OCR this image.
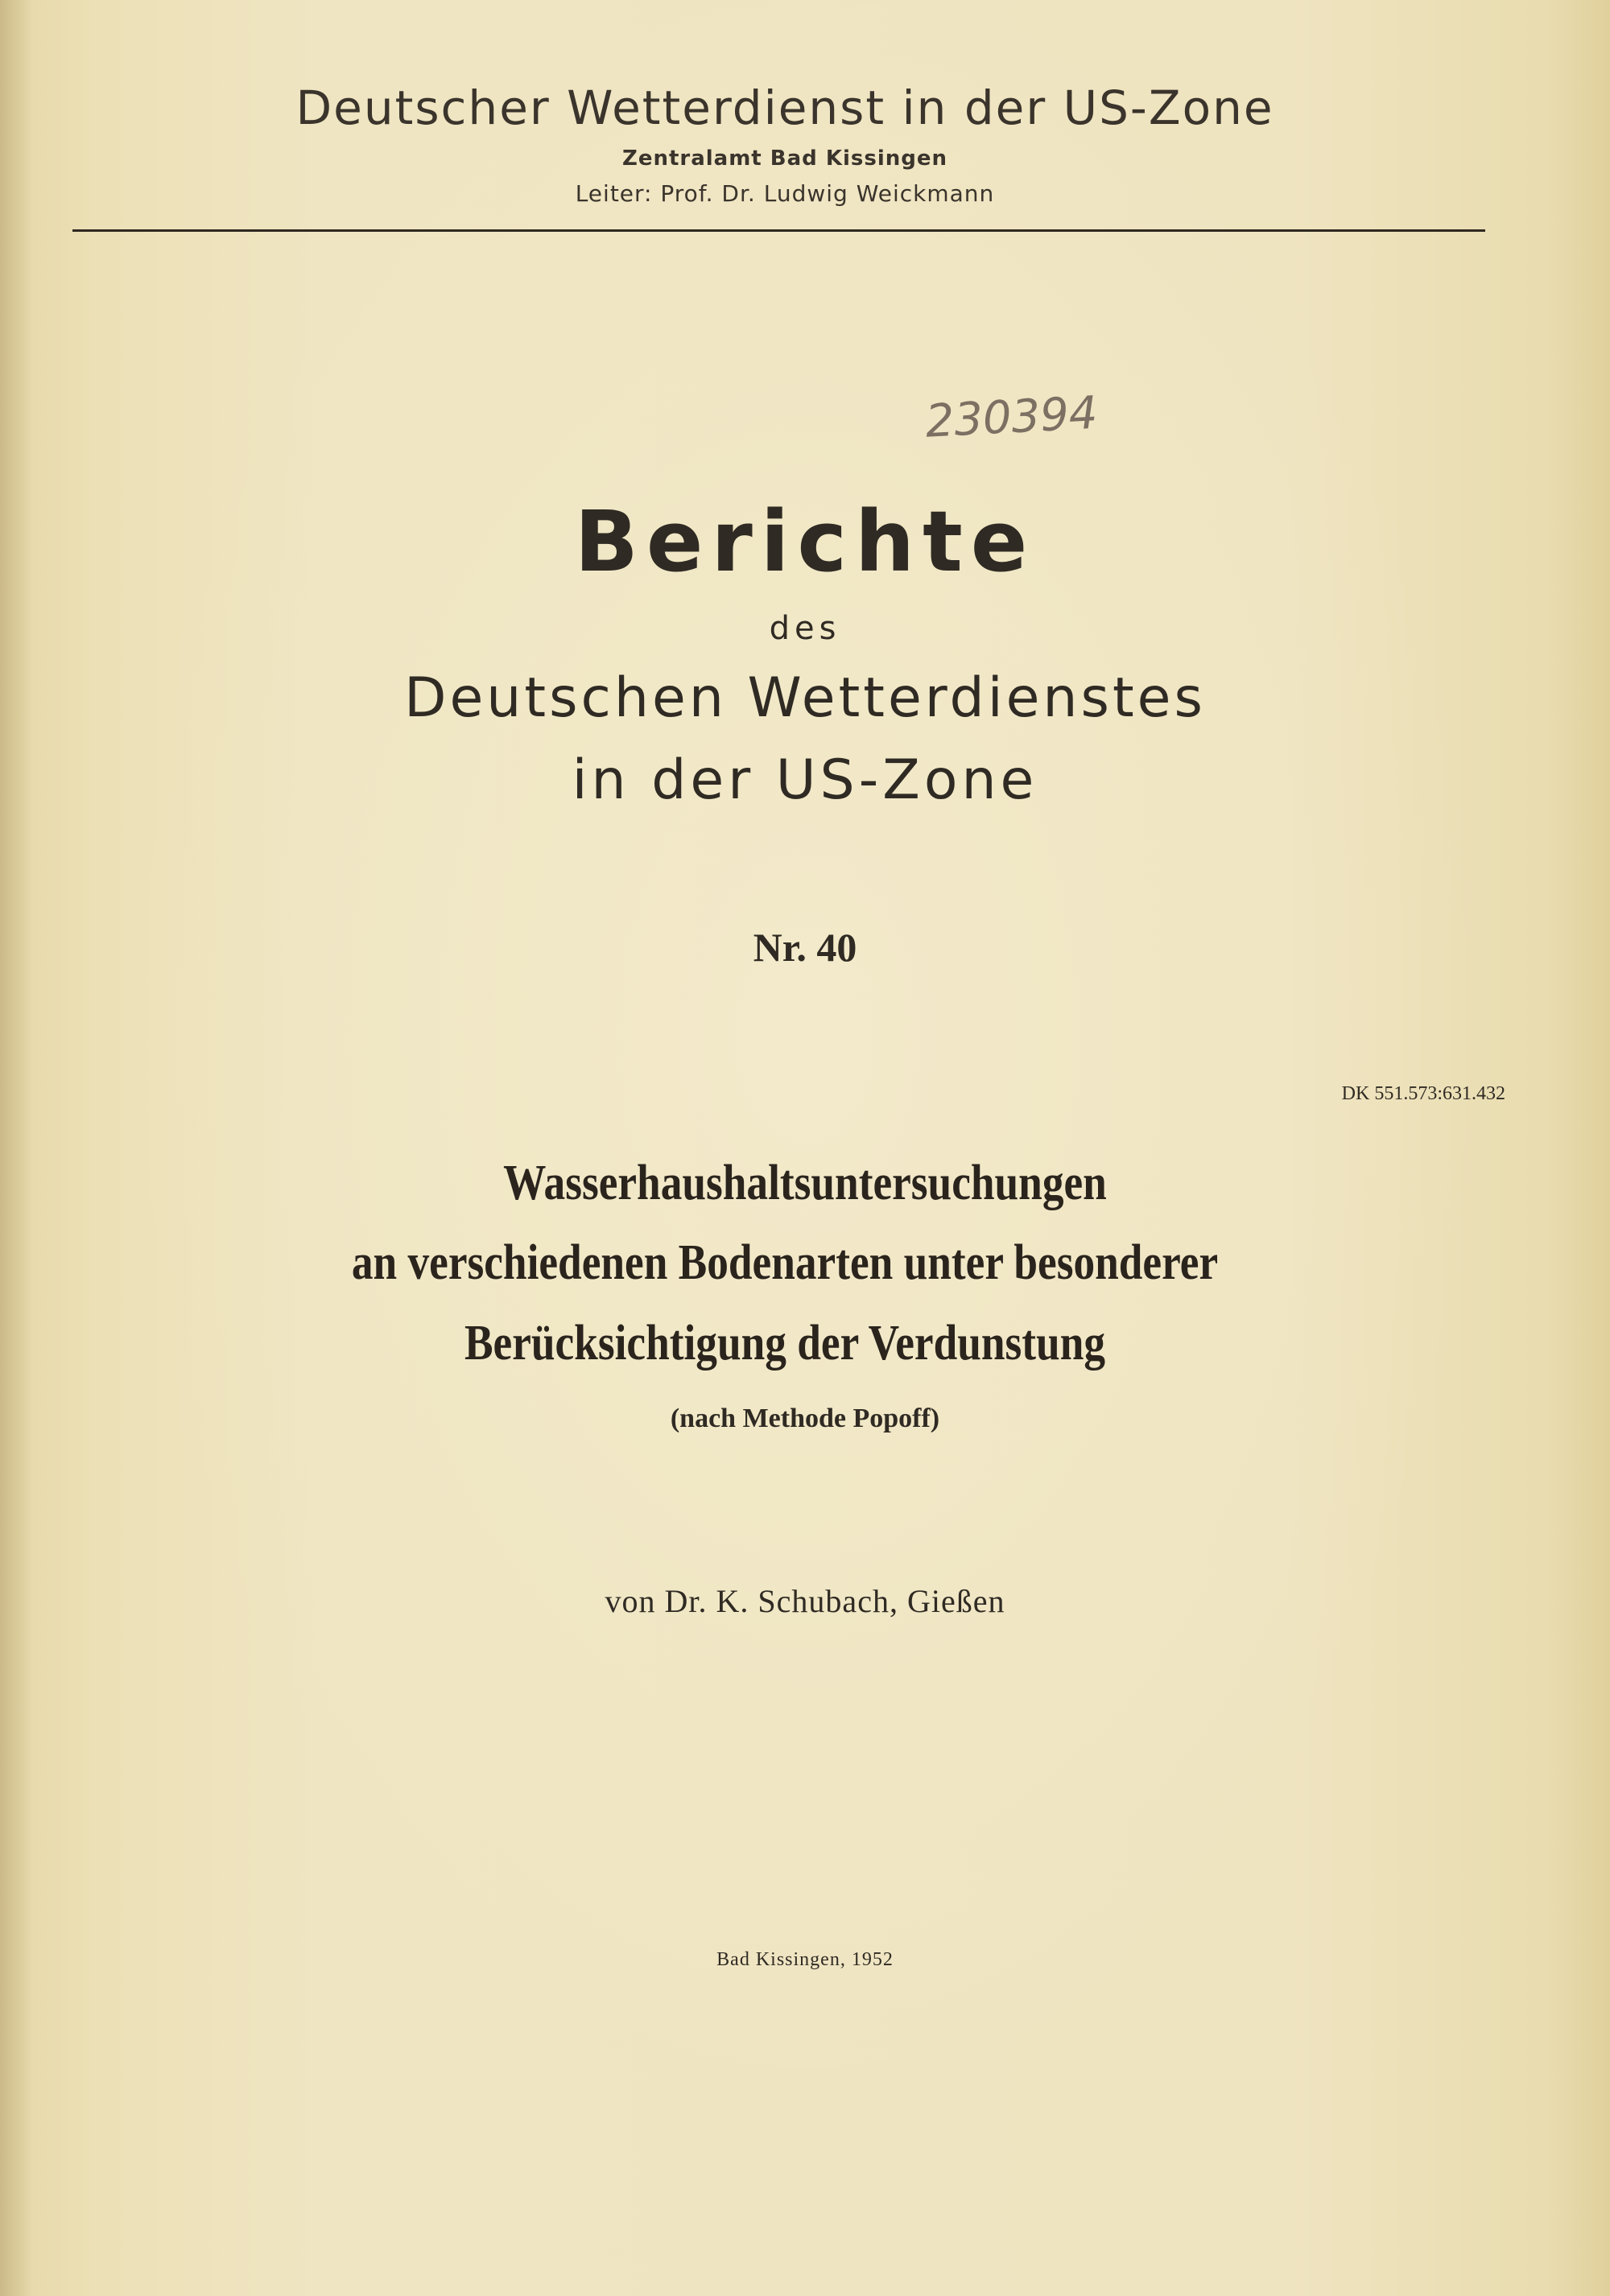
Deutscher Wetterdienst in der US-Zone
Zentralamt Bad Kissingen
Leiter: Prof. Dr. Ludwig Weickmann
230394
Berichte
des
Deutschen Wetterdienstes
in der US-Zone
Nr. 40
DK 551.573:631.432
Wasserhaushaltsuntersuchungen
an verschiedenen Bodenarten unter besonderer
Berücksichtigung der Verdunstung
(nach Methode Popoff)
von Dr. K. Schubach, Gießen
Bad Kissingen, 1952
